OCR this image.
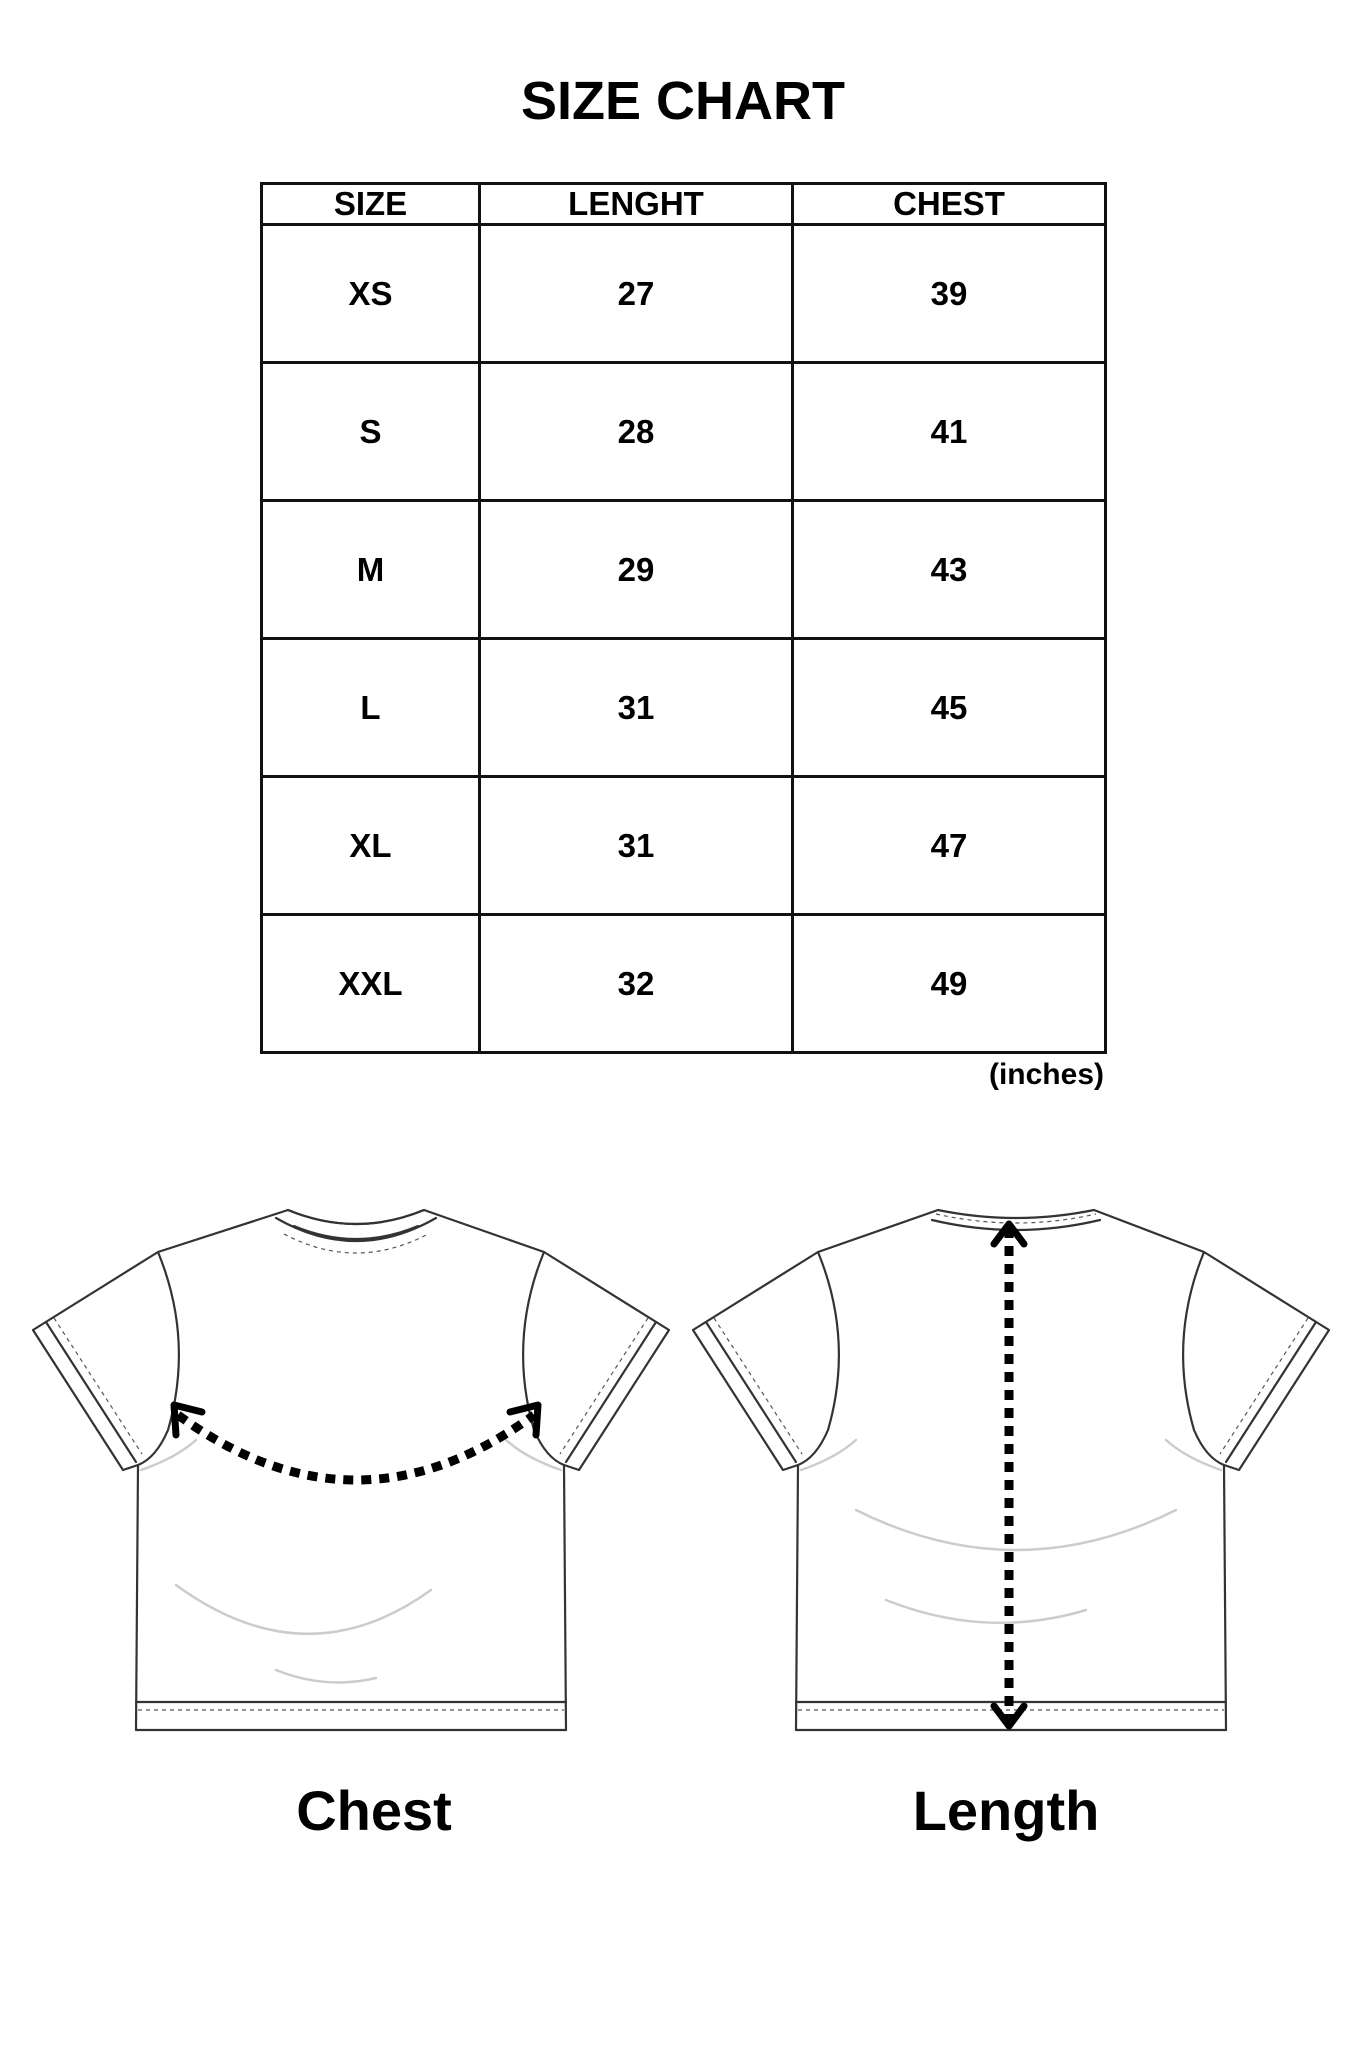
SIZE CHART
SIZE	LENGHT	CHEST
XS	27	39
S	28	41
M	29	43
L	31	45
XL	31	47
XXL	32	49
(inches)
Chest	Length
